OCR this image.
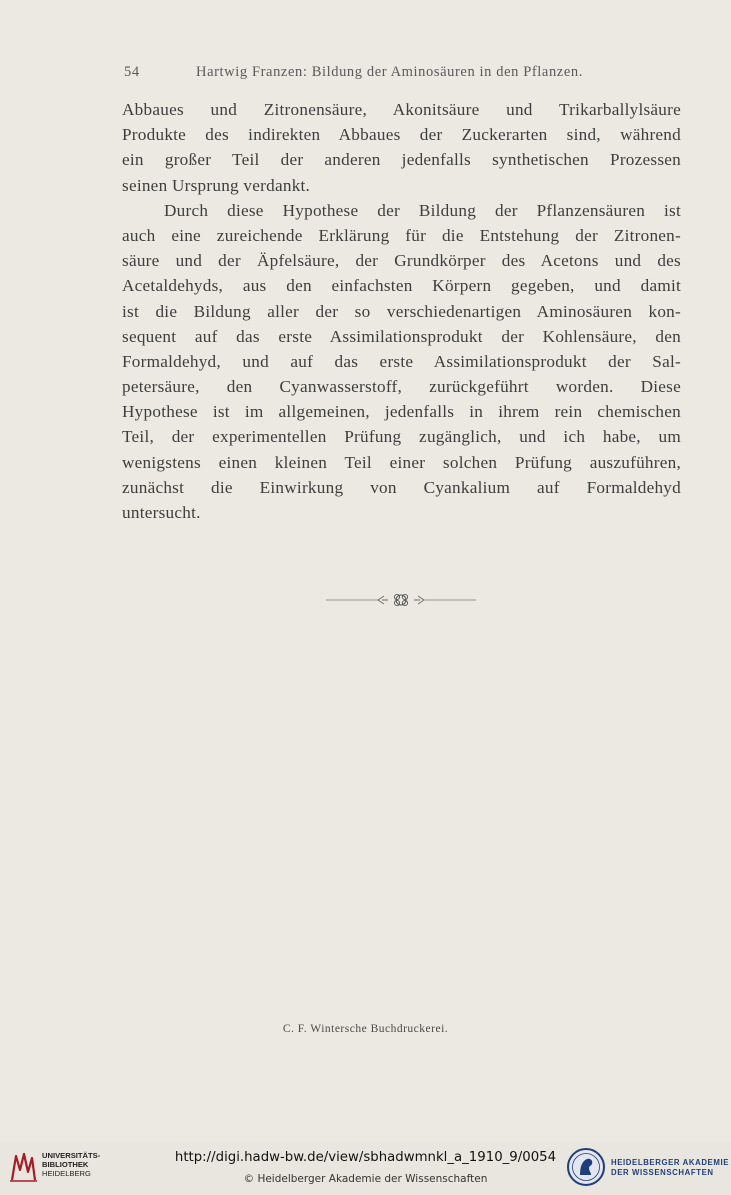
54	Hartwig Franzen: Bildung der Aminosäuren in den Pflanzen.
Abbaues und Zitronensäure, Akonitsäure und Trikarballylsäure
Produkte des indirekten Abbaues der Zuckerarten sind, während
ein großer Teil der anderen jedenfalls synthetischen Prozessen
seinen Ursprung verdankt.
Durch diese Hypothese der Bildung der Pflanzensäuren ist
auch eine zureichende Erklärung für die Entstehung der Zitronen-
säure und der Äpfelsäure, der Grundkörper des Acetons und des
Acetaldehyds, aus den einfachsten Körpern gegeben, und damit
ist die Bildung aller der so verschiedenartigen Aminosäuren kon-
sequent auf das erste Assimilationsprodukt der Kohlensäure, den
Formaldehyd, und auf das erste Assimilationsprodukt der Sal-
petersäure, den Cyanwasserstoff, zurückgeführt worden. Diese
Hypothese ist im allgemeinen, jedenfalls in ihrem rein chemischen
Teil, der experimentellen Prüfung zugänglich, und ich habe, um
wenigstens einen kleinen Teil einer solchen Prüfung auszuführen,
zunächst die Einwirkung von Cyankalium auf Formaldehyd
untersucht.
C. F. Wintersche Buchdruckerei.
UNIVERSITÄTS-
BIBLIOTHEK
HEIDELBERG
http://digi.hadw-bw.de/view/sbhadwmnkl_a_1910_9/0054
© Heidelberger Akademie der Wissenschaften
HEIDELBERGER AKADEMIE
DER WISSENSCHAFTEN
